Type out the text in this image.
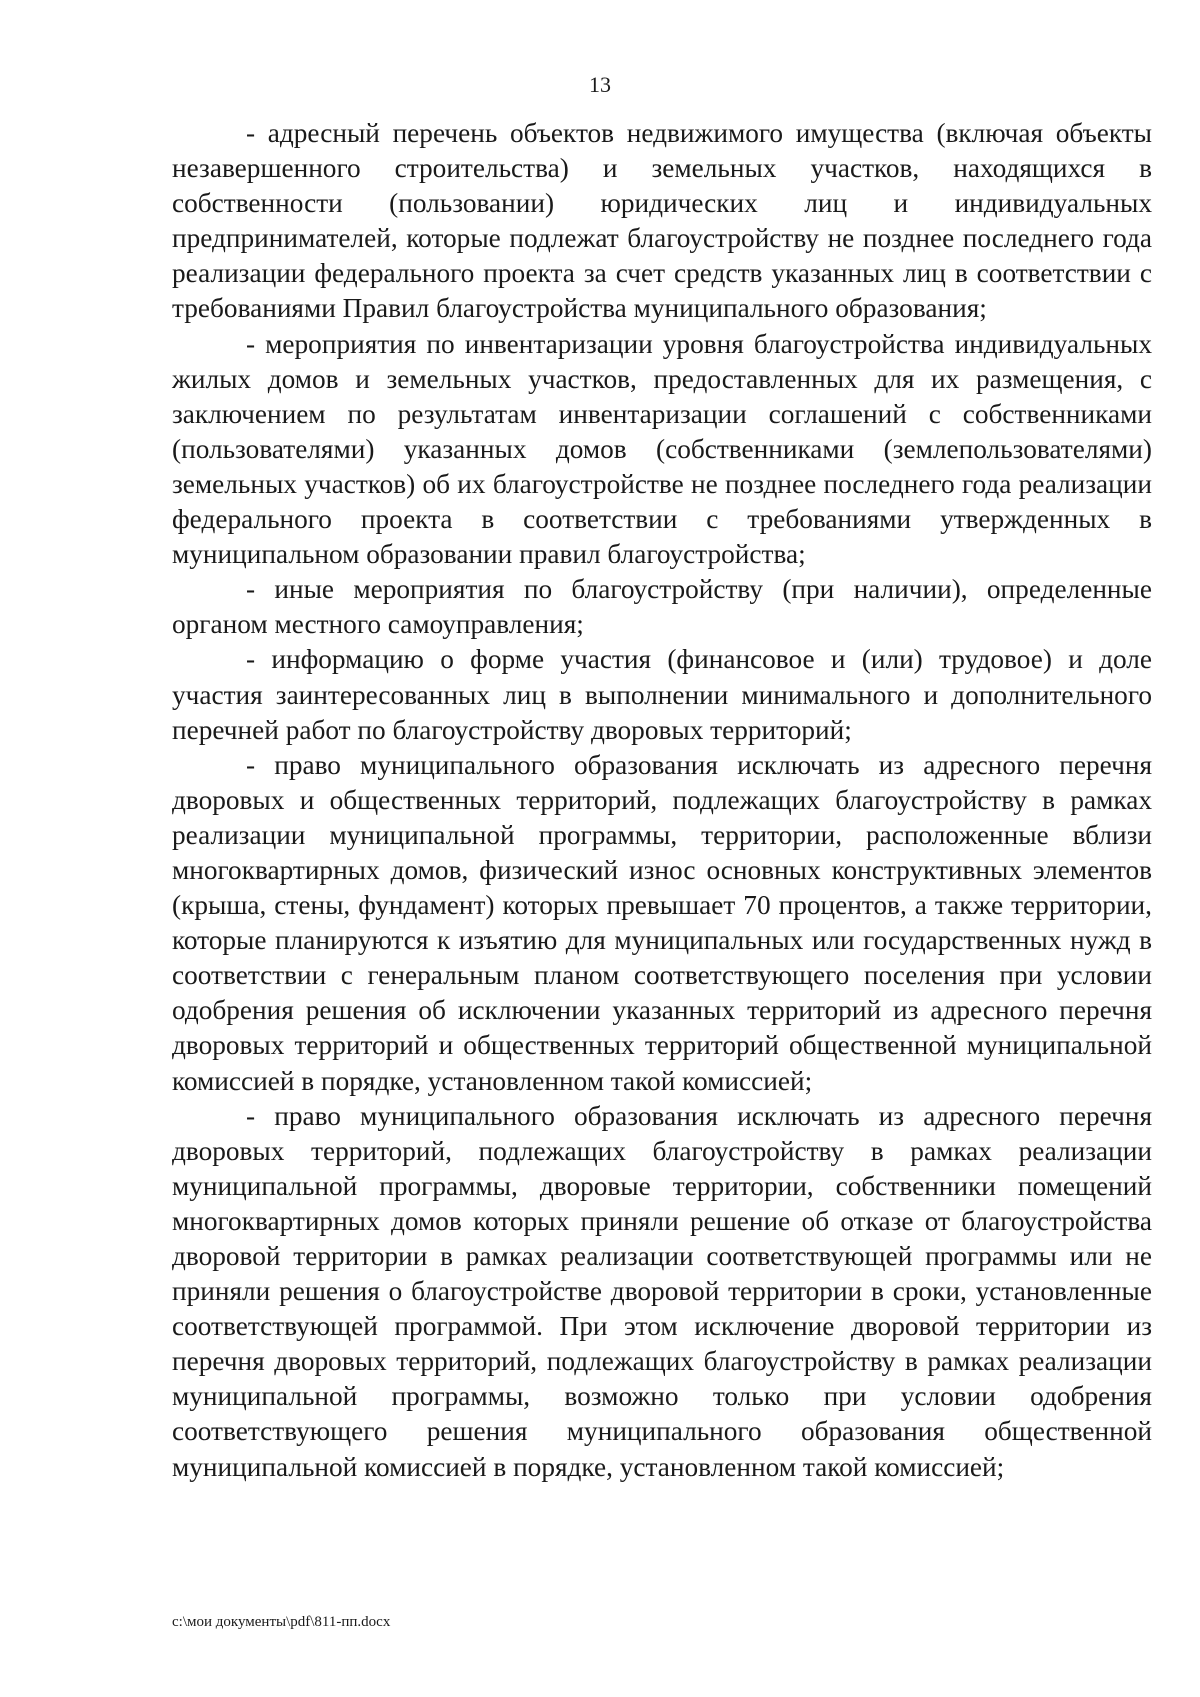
13

- адресный перечень объектов недвижимого имущества (включая объекты незавершенного строительства) и земельных участков, находящихся в собственности (пользовании) юридических лиц и индивидуальных предпринимателей, которые подлежат благоустройству не позднее последнего года реализации федерального проекта за счет средств указанных лиц в соответствии с требованиями Правил благоустройства муниципального образования;

- мероприятия по инвентаризации уровня благоустройства индивидуальных жилых домов и земельных участков, предоставленных для их размещения, с заключением по результатам инвентаризации соглашений с собственниками (пользователями) указанных домов (собственниками (землепользователями) земельных участков) об их благоустройстве не позднее последнего года реализации федерального проекта в соответствии с требованиями утвержденных в муниципальном образовании правил благоустройства;

- иные мероприятия по благоустройству (при наличии), определенные органом местного самоуправления;

- информацию о форме участия (финансовое и (или) трудовое) и доле участия заинтересованных лиц в выполнении минимального и дополнительного перечней работ по благоустройству дворовых территорий;

- право муниципального образования исключать из адресного перечня дворовых и общественных территорий, подлежащих благоустройству в рамках реализации муниципальной программы, территории, расположенные вблизи многоквартирных домов, физический износ основных конструктивных элементов (крыша, стены, фундамент) которых превышает 70 процентов, а также территории, которые планируются к изъятию для муниципальных или государственных нужд в соответствии с генеральным планом соответствующего поселения при условии одобрения решения об исключении указанных территорий из адресного перечня дворовых территорий и общественных территорий общественной муниципальной комиссией в порядке, установленном такой комиссией;

- право муниципального образования исключать из адресного перечня дворовых территорий, подлежащих благоустройству в рамках реализации муниципальной программы, дворовые территории, собственники помещений многоквартирных домов которых приняли решение об отказе от благоустройства дворовой территории в рамках реализации соответствующей программы или не приняли решения о благоустройстве дворовой территории в сроки, установленные соответствующей программой. При этом исключение дворовой территории из перечня дворовых территорий, подлежащих благоустройству в рамках реализации муниципальной программы, возможно только при условии одобрения соответствующего решения муниципального образования общественной муниципальной комиссией в порядке, установленном такой комиссией;

c:\мои документы\pdf\811-пп.docx
